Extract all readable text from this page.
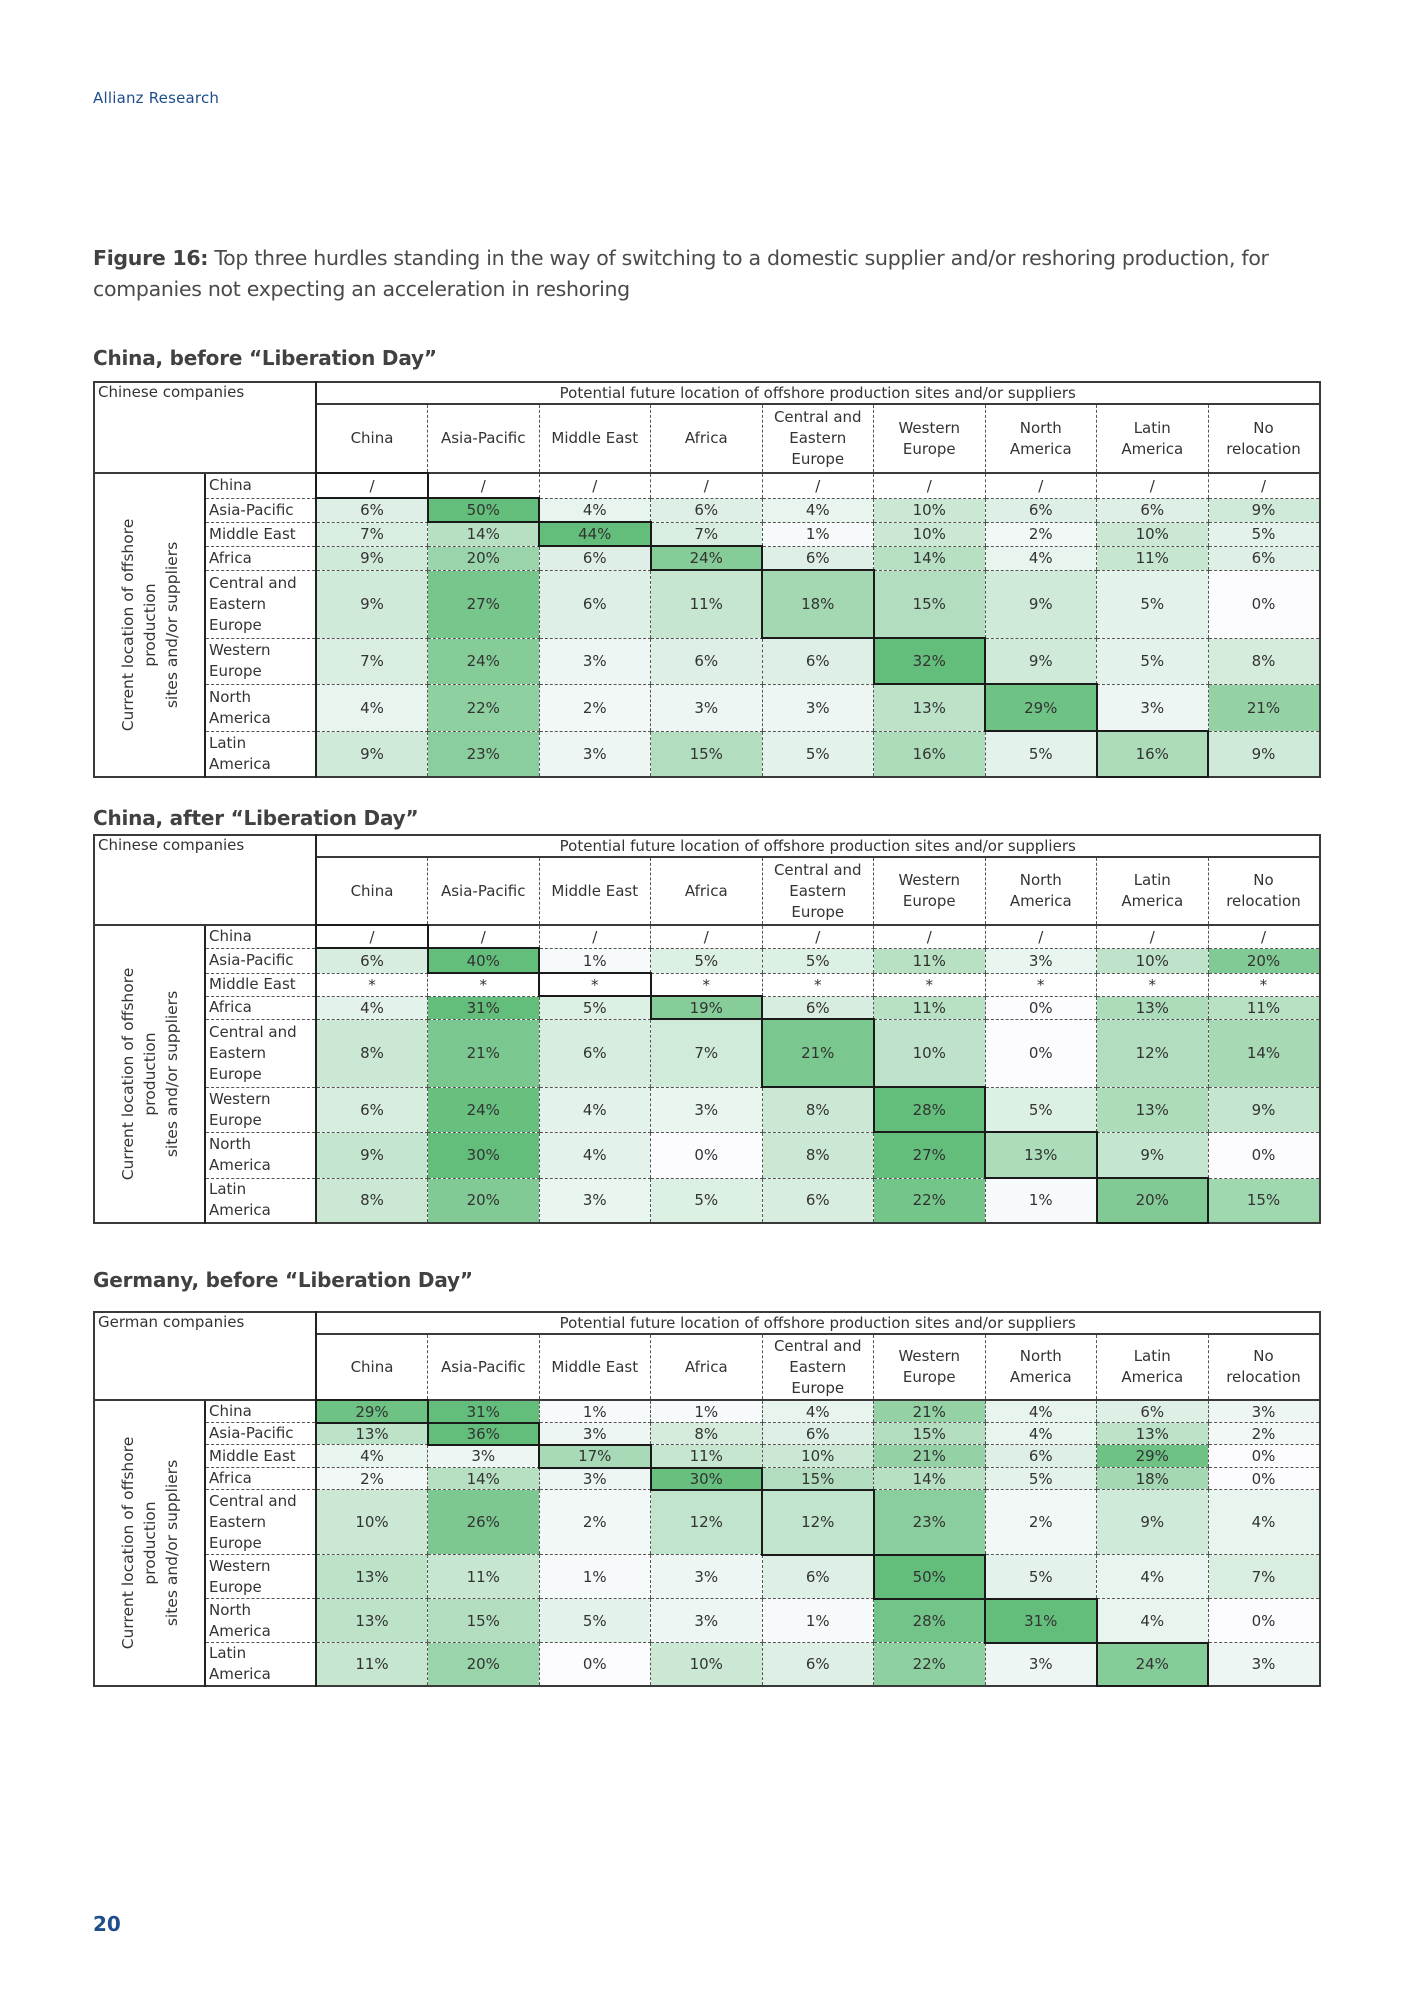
Allianz Research
Figure 16: Top three hurdles standing in the way of switching to a domestic supplier and/or reshoring production, for
companies not expecting an acceleration in reshoring
China, before “Liberation Day”
Chinese companies		Potential future location of offshore production sites and/or suppliers								
		China	Asia-Pacific	Middle East	Africa	Central and
Eastern
Europe	Western
Europe	North
America	Latin
America	No
relocation

Current location of offshore production sites and/or suppliers	China	/	/	/	/	/	/	/	/	/
	Asia-Pacific	6%	50%	4%	6%	4%	10%	6%	6%	9%
	Middle East	7%	14%	44%	7%	1%	10%	2%	10%	5%
	Africa	9%	20%	6%	24%	6%	14%	4%	11%	6%
	Central and
Eastern
Europe	9%	27%	6%	11%	18%	15%	9%	5%	0%
	Western
Europe	7%	24%	3%	6%	6%	32%	9%	5%	8%
	North
America	4%	22%	2%	3%	3%	13%	29%	3%	21%
	Latin
America	9%	23%	3%	15%	5%	16%	5%	16%	9%
China, after “Liberation Day”
Chinese companies		Potential future location of offshore production sites and/or suppliers								
		China	Asia-Pacific	Middle East	Africa	Central and
Eastern
Europe	Western
Europe	North
America	Latin
America	No
relocation

Current location of offshore production sites and/or suppliers	China	/	/	/	/	/	/	/	/	/
	Asia-Pacific	6%	40%	1%	5%	5%	11%	3%	10%	20%
	Middle East	*	*	*	*	*	*	*	*	*
	Africa	4%	31%	5%	19%	6%	11%	0%	13%	11%
	Central and
Eastern
Europe	8%	21%	6%	7%	21%	10%	0%	12%	14%
	Western
Europe	6%	24%	4%	3%	8%	28%	5%	13%	9%
	North
America	9%	30%	4%	0%	8%	27%	13%	9%	0%
	Latin
America	8%	20%	3%	5%	6%	22%	1%	20%	15%
Germany, before “Liberation Day”
German companies		Potential future location of offshore production sites and/or suppliers								
		China	Asia-Pacific	Middle East	Africa	Central and
Eastern
Europe	Western
Europe	North
America	Latin
America	No
relocation

Current location of offshore production sites and/or suppliers	China	29%	31%	1%	1%	4%	21%	4%	6%	3%
	Asia-Pacific	13%	36%	3%	8%	6%	15%	4%	13%	2%
	Middle East	4%	3%	17%	11%	10%	21%	6%	29%	0%
	Africa	2%	14%	3%	30%	15%	14%	5%	18%	0%
	Central and
Eastern
Europe	10%	26%	2%	12%	12%	23%	2%	9%	4%
	Western
Europe	13%	11%	1%	3%	6%	50%	5%	4%	7%
	North
America	13%	15%	5%	3%	1%	28%	31%	4%	0%
	Latin
America	11%	20%	0%	10%	6%	22%	3%	24%	3%
20
